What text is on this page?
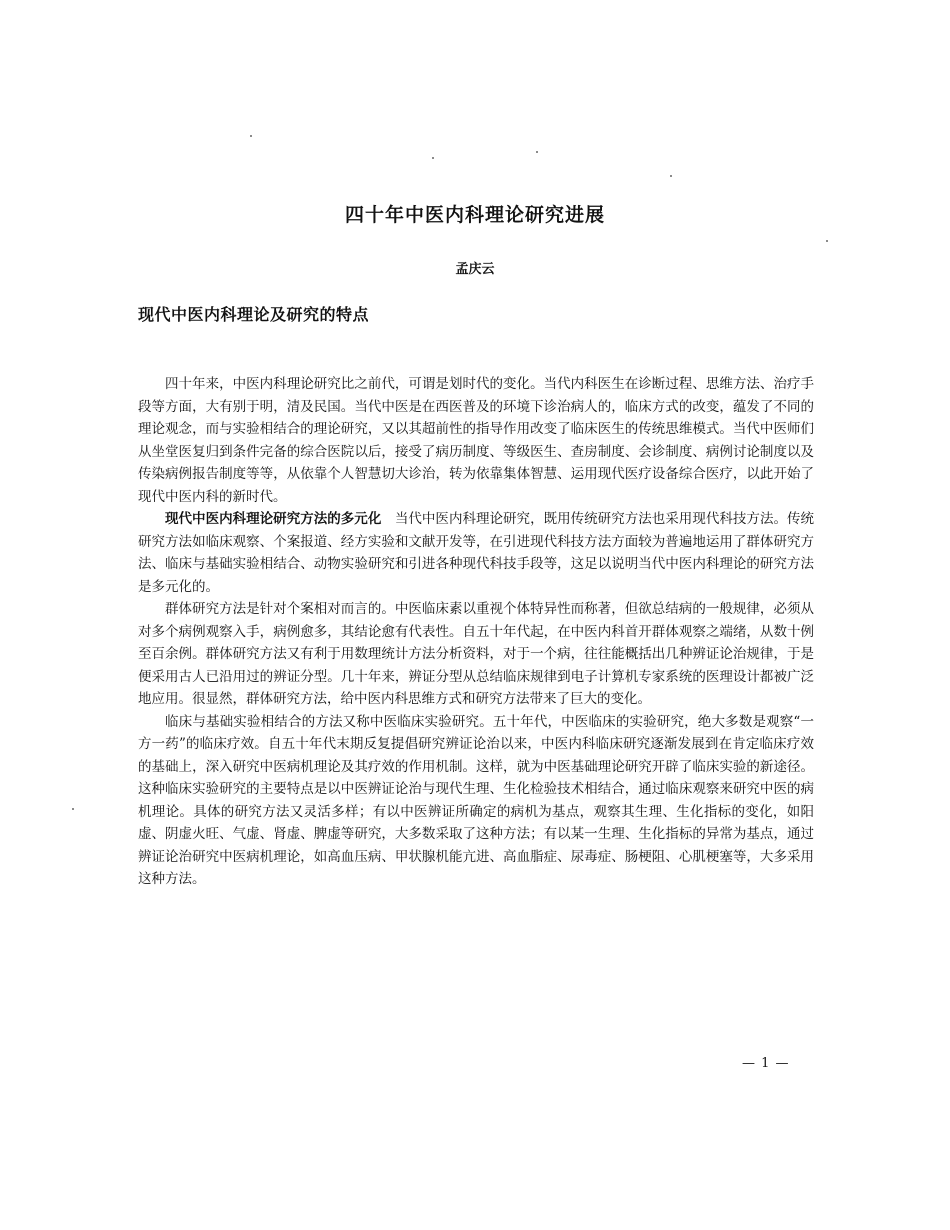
四十年中医内科理论研究进展
孟庆云
现代中医内科理论及研究的特点

四十年来，中医内科理论研究比之前代，可谓是划时代的变化。当代内科医生在诊断过程、思维方法、治疗手段等方面，大有别于明，清及民国。当代中医是在西医普及的环境下诊治病人的，临床方式的改变，蕴发了不同的理论观念，而与实验相结合的理论研究，又以其超前性的指导作用改变了临床医生的传统思维模式。当代中医师们从坐堂医复归到条件完备的综合医院以后，接受了病历制度、等级医生、查房制度、会诊制度、病例讨论制度以及传染病例报告制度等等，从依靠个人智慧切大诊治，转为依靠集体智慧、运用现代医疗设备综合医疗，以此开始了现代中医内科的新时代。

现代中医内科理论研究方法的多元化　当代中医内科理论研究，既用传统研究方法也采用现代科技方法。传统研究方法如临床观察、个案报道、经方实验和文献开发等，在引进现代科技方法方面较为普遍地运用了群体研究方法、临床与基础实验相结合、动物实验研究和引进各种现代科技手段等，这足以说明当代中医内科理论的研究方法是多元化的。

群体研究方法是针对个案相对而言的。中医临床素以重视个体特异性而称著，但欲总结病的一般规律，必须从对多个病例观察入手，病例愈多，其结论愈有代表性。自五十年代起，在中医内科首开群体观察之端绪，从数十例至百余例。群体研究方法又有利于用数理统计方法分析资料，对于一个病，往往能概括出几种辨证论治规律，于是便采用古人已沿用过的辨证分型。几十年来，辨证分型从总结临床规律到电子计算机专家系统的医理设计都被广泛地应用。很显然，群体研究方法，给中医内科思维方式和研究方法带来了巨大的变化。

临床与基础实验相结合的方法又称中医临床实验研究。五十年代，中医临床的实验研究，绝大多数是观察“一方一药”的临床疗效。自五十年代末期反复提倡研究辨证论治以来，中医内科临床研究逐渐发展到在肯定临床疗效的基础上，深入研究中医病机理论及其疗效的作用机制。这样，就为中医基础理论研究开辟了临床实验的新途径。这种临床实验研究的主要特点是以中医辨证论治与现代生理、生化检验技术相结合，通过临床观察来研究中医的病机理论。具体的研究方法又灵活多样；有以中医辨证所确定的病机为基点，观察其生理、生化指标的变化，如阳虚、阴虚火旺、气虚、肾虚、脾虚等研究，大多数采取了这种方法；有以某一生理、生化指标的异常为基点，通过辨证论治研究中医病机理论，如高血压病、甲状腺机能亢进、高血脂症、尿毒症、肠梗阻、心肌梗塞等，大多采用这种方法。

— 1 —
